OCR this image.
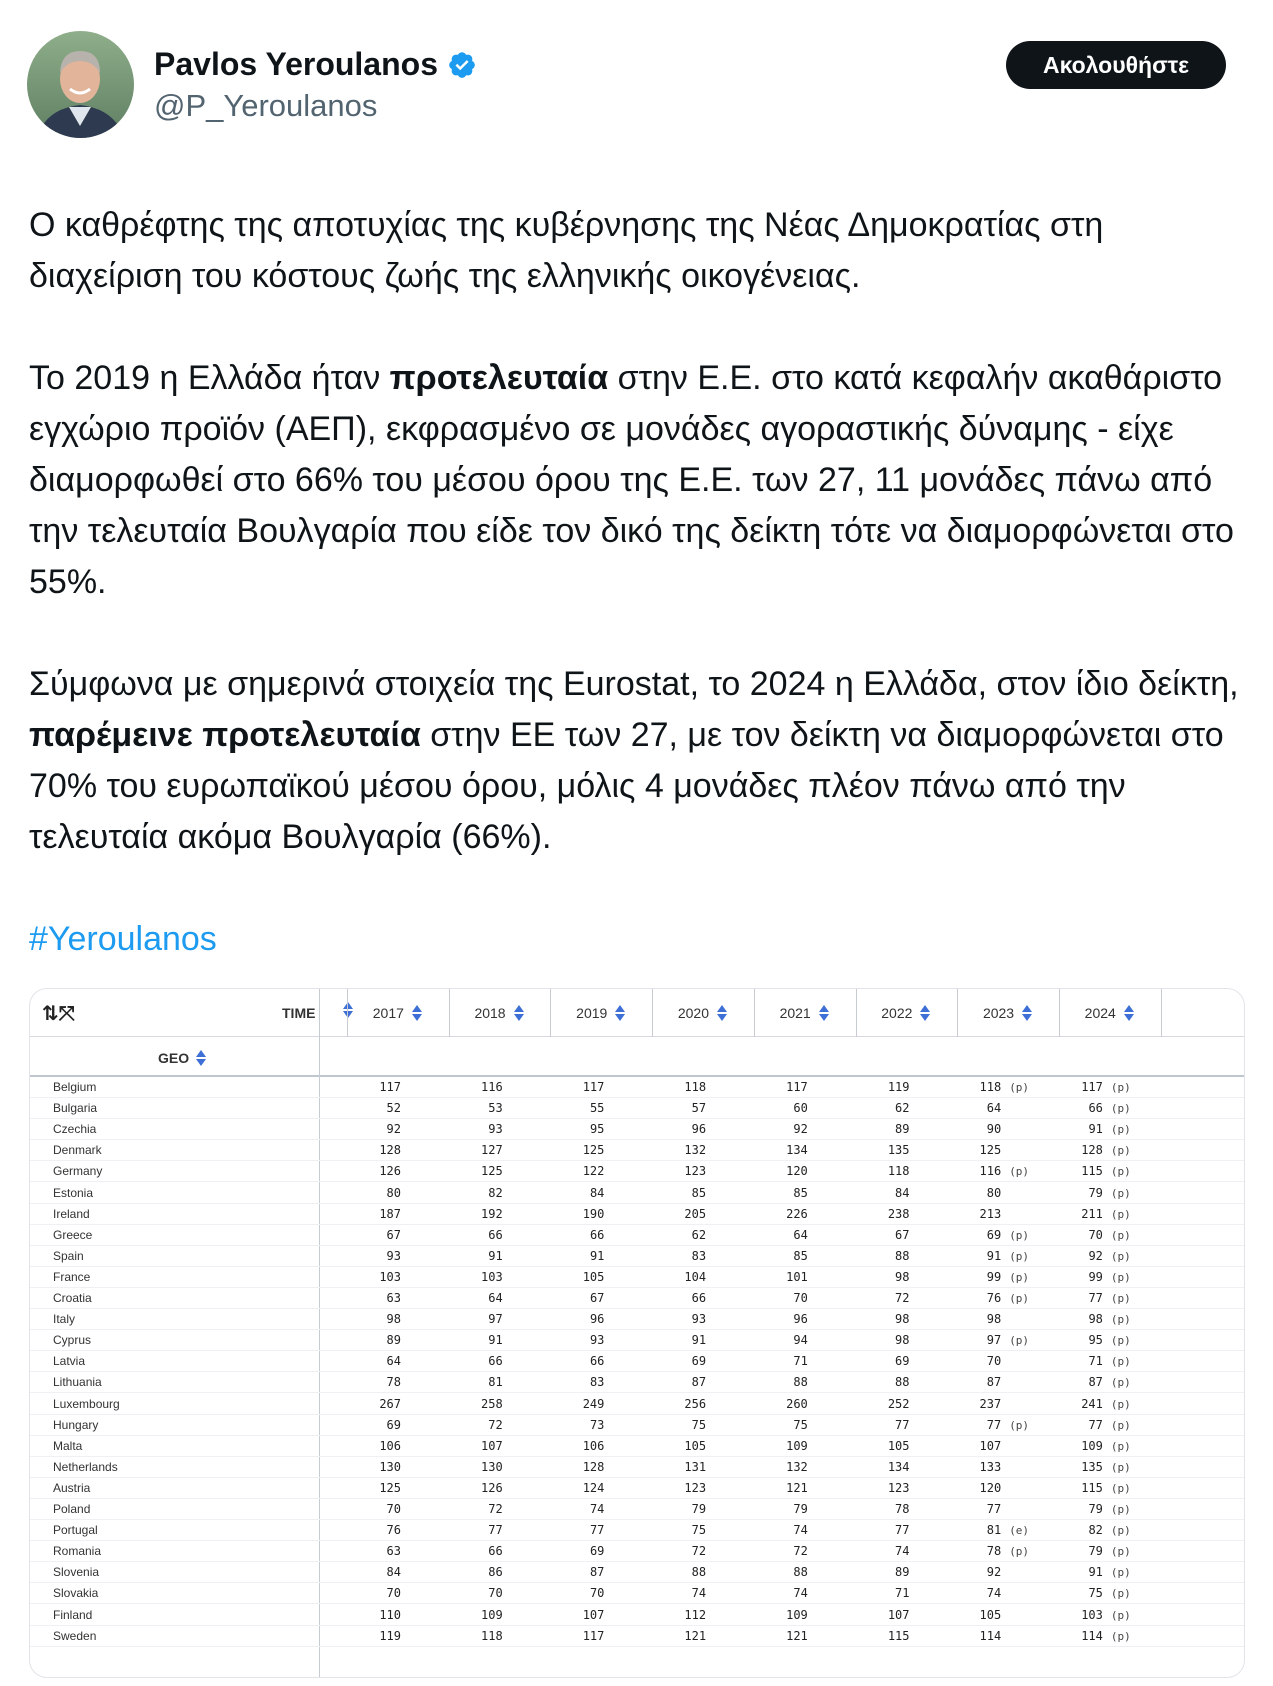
Pavlos Yeroulanos
@P_Yeroulanos
Ακολουθήστε

Ο καθρέφτης της αποτυχίας της κυβέρνησης της Νέας Δημοκρατίας στη διαχείριση του κόστους ζωής της ελληνικής οικογένειας.

Το 2019 η Ελλάδα ήταν προτελευταία στην Ε.Ε. στο κατά κεφαλήν ακαθάριστο εγχώριο προϊόν (ΑΕΠ), εκφρασμένο σε μονάδες αγοραστικής δύναμης - είχε διαμορφωθεί στο 66% του μέσου όρου της Ε.Ε. των 27, 11 μονάδες πάνω από την τελευταία Βουλγαρία που είδε τον δικό της δείκτη τότε να διαμορφώνεται στο 55%.

Σύμφωνα με σημερινά στοιχεία της Eurostat, το 2024 η Ελλάδα, στον ίδιο δείκτη, παρέμεινε προτελευταία στην ΕΕ των 27, με τον δείκτη να διαμορφώνεται στο 70% του ευρωπαϊκού μέσου όρου, μόλις 4 μονάδες πλέον πάνω από την τελευταία ακόμα Βουλγαρία (66%).

#Yeroulanos

⇅⤧	TIME
GEO
2017	2018	2019	2020	2021	2022	2023	2024
Belgium	117	116	117	118	117	119	118 (p)	117 (p)
Bulgaria	52	53	55	57	60	62	64	66 (p)
Czechia	92	93	95	96	92	89	90	91 (p)
Denmark	128	127	125	132	134	135	125	128 (p)
Germany	126	125	122	123	120	118	116 (p)	115 (p)
Estonia	80	82	84	85	85	84	80	79 (p)
Ireland	187	192	190	205	226	238	213	211 (p)
Greece	67	66	66	62	64	67	69 (p)	70 (p)
Spain	93	91	91	83	85	88	91 (p)	92 (p)
France	103	103	105	104	101	98	99 (p)	99 (p)
Croatia	63	64	67	66	70	72	76 (p)	77 (p)
Italy	98	97	96	93	96	98	98	98 (p)
Cyprus	89	91	93	91	94	98	97 (p)	95 (p)
Latvia	64	66	66	69	71	69	70	71 (p)
Lithuania	78	81	83	87	88	88	87	87 (p)
Luxembourg	267	258	249	256	260	252	237	241 (p)
Hungary	69	72	73	75	75	77	77 (p)	77 (p)
Malta	106	107	106	105	109	105	107	109 (p)
Netherlands	130	130	128	131	132	134	133	135 (p)
Austria	125	126	124	123	121	123	120	115 (p)
Poland	70	72	74	79	79	78	77	79 (p)
Portugal	76	77	77	75	74	77	81 (e)	82 (p)
Romania	63	66	69	72	72	74	78 (p)	79 (p)
Slovenia	84	86	87	88	88	89	92	91 (p)
Slovakia	70	70	70	74	74	71	74	75 (p)
Finland	110	109	107	112	109	107	105	103 (p)
Sweden	119	118	117	121	121	115	114	114 (p)
